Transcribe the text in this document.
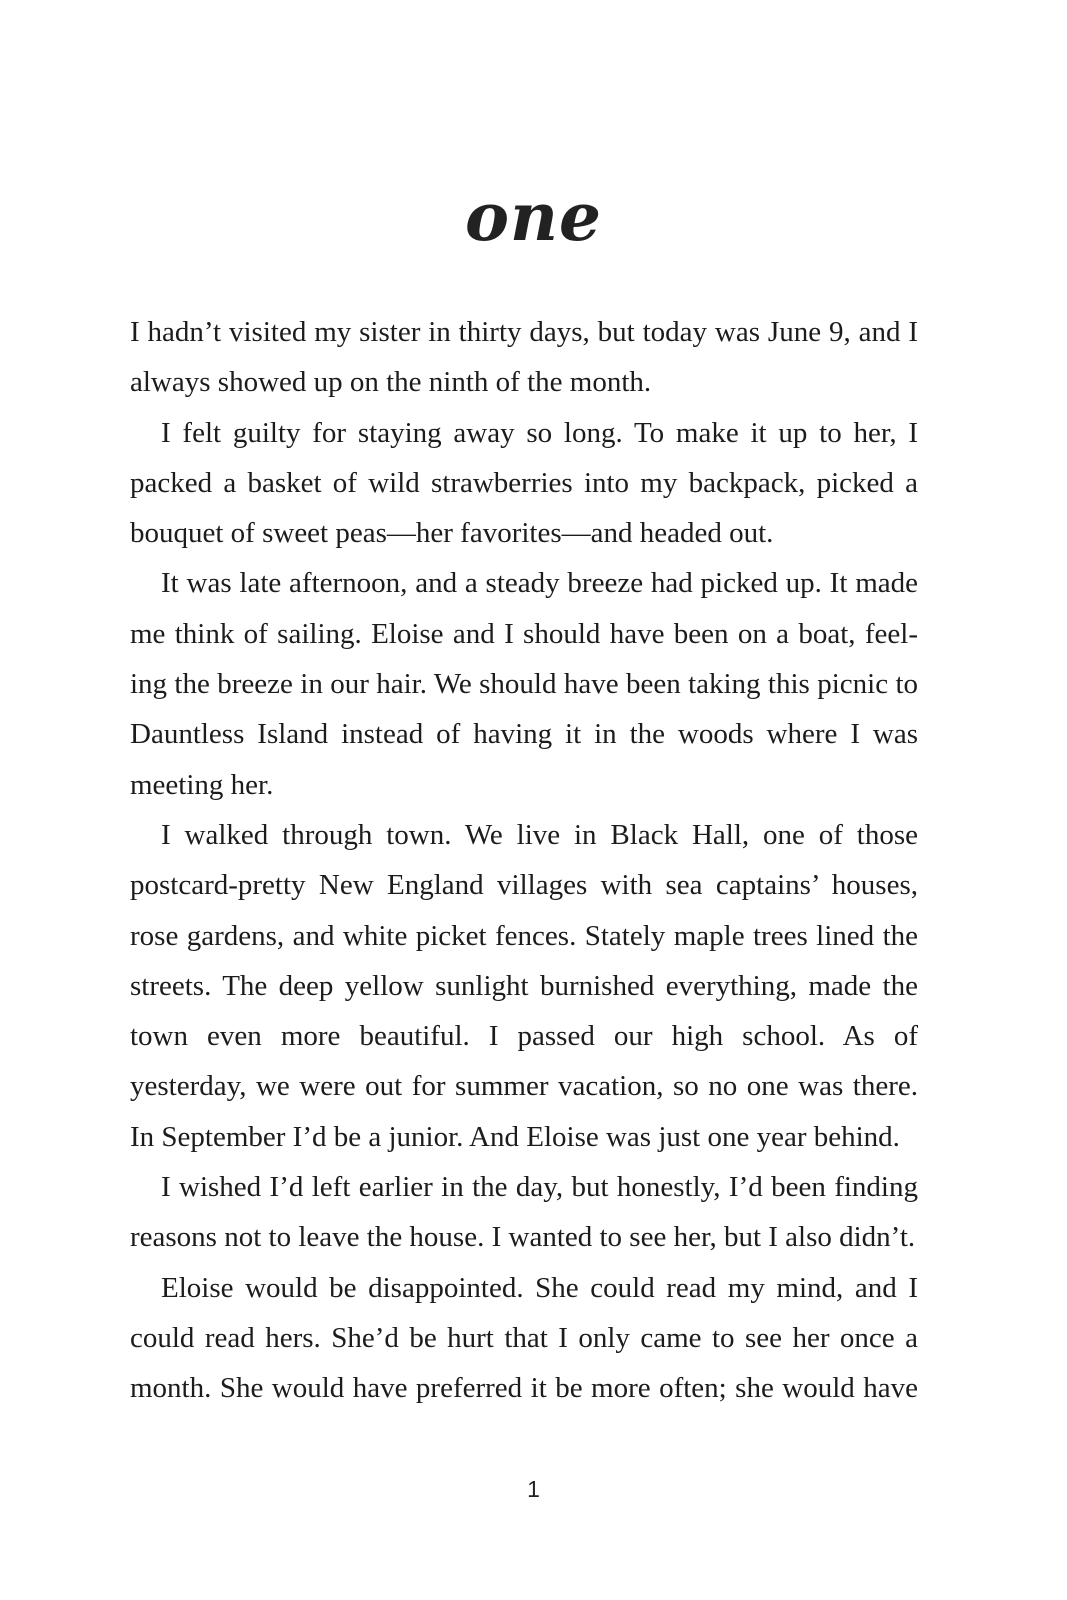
one

I hadn’t visited my sister in thirty days, but today was June 9, and I always showed up on the ninth of the month.

I felt guilty for staying away so long. To make it up to her, I packed a basket of wild strawberries into my backpack, picked a bouquet of sweet peas—her favorites—and headed out.

It was late afternoon, and a steady breeze had picked up. It made me think of sailing. Eloise and I should have been on a boat, feeling the breeze in our hair. We should have been taking this picnic to Dauntless Island instead of having it in the woods where I was meeting her.

I walked through town. We live in Black Hall, one of those postcard-pretty New England villages with sea captains’ houses, rose gardens, and white picket fences. Stately maple trees lined the streets. The deep yellow sunlight burnished everything, made the town even more beautiful. I passed our high school. As of yesterday, we were out for summer vacation, so no one was there. In September I’d be a junior. And Eloise was just one year behind.

I wished I’d left earlier in the day, but honestly, I’d been finding reasons not to leave the house. I wanted to see her, but I also didn’t.

Eloise would be disappointed. She could read my mind, and I could read hers. She’d be hurt that I only came to see her once a month. She would have preferred it be more often; she would have

1
